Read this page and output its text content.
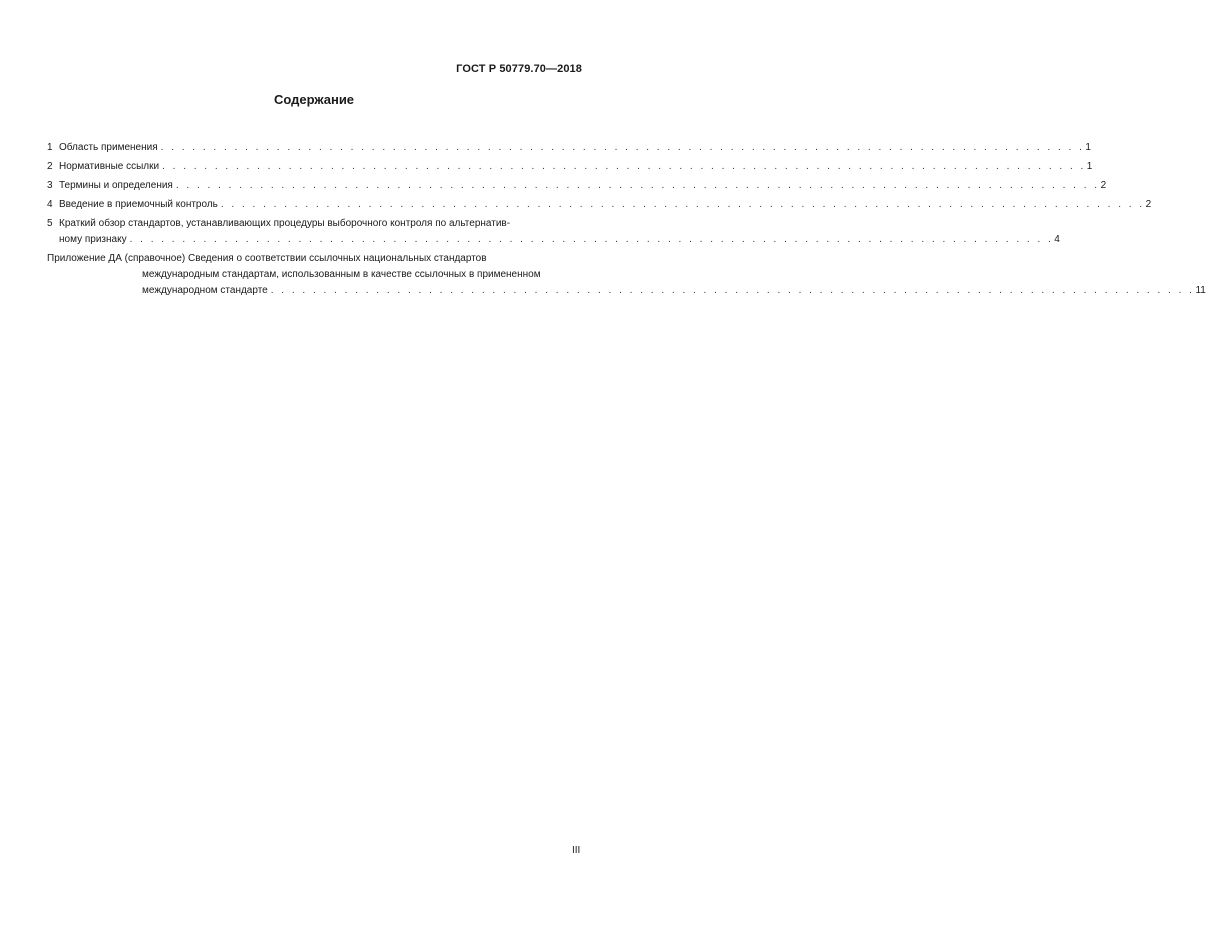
ГОСТ Р 50779.70—2018
Содержание
1 Область применения . . . . . . . . . . . . . . . . . . . . . . . . . . . . . . . . . . . . . . . . . . . . . . . . . . . . . . . . . . . . . . . . . . . . . . . . . . . . . . . . . . . . . . . . 1
2 Нормативные ссылки . . . . . . . . . . . . . . . . . . . . . . . . . . . . . . . . . . . . . . . . . . . . . . . . . . . . . . . . . . . . . . . . . . . . . . . . . . . . . . . . . . . . . . . . 1
3 Термины и определения . . . . . . . . . . . . . . . . . . . . . . . . . . . . . . . . . . . . . . . . . . . . . . . . . . . . . . . . . . . . . . . . . . . . . . . . . . . . . . . . . . . . . . . . 2
4 Введение в приемочный контроль . . . . . . . . . . . . . . . . . . . . . . . . . . . . . . . . . . . . . . . . . . . . . . . . . . . . . . . . . . . . . . . . . . . . . . . . . . . . . . . . . . . . . . . . 2
5 Краткий обзор стандартов, устанавливающих процедуры выборочного контроля по альтернатив-
ному признаку . . . . . . . . . . . . . . . . . . . . . . . . . . . . . . . . . . . . . . . . . . . . . . . . . . . . . . . . . . . . . . . . . . . . . . . . . . . . . . . . . . . . . . . . 4
Приложение ДА (справочное) Сведения о соответствии ссылочных национальных стандартов
международным стандартам, использованным в качестве ссылочных в примененном
международном стандарте . . . . . . . . . . . . . . . . . . . . . . . . . . . . . . . . . . . . . . . . . . . . . . . . . . . . . . . . . . . . . . . . . . . . . . . . . . . . . . . . . . . . . . . . 11
III
